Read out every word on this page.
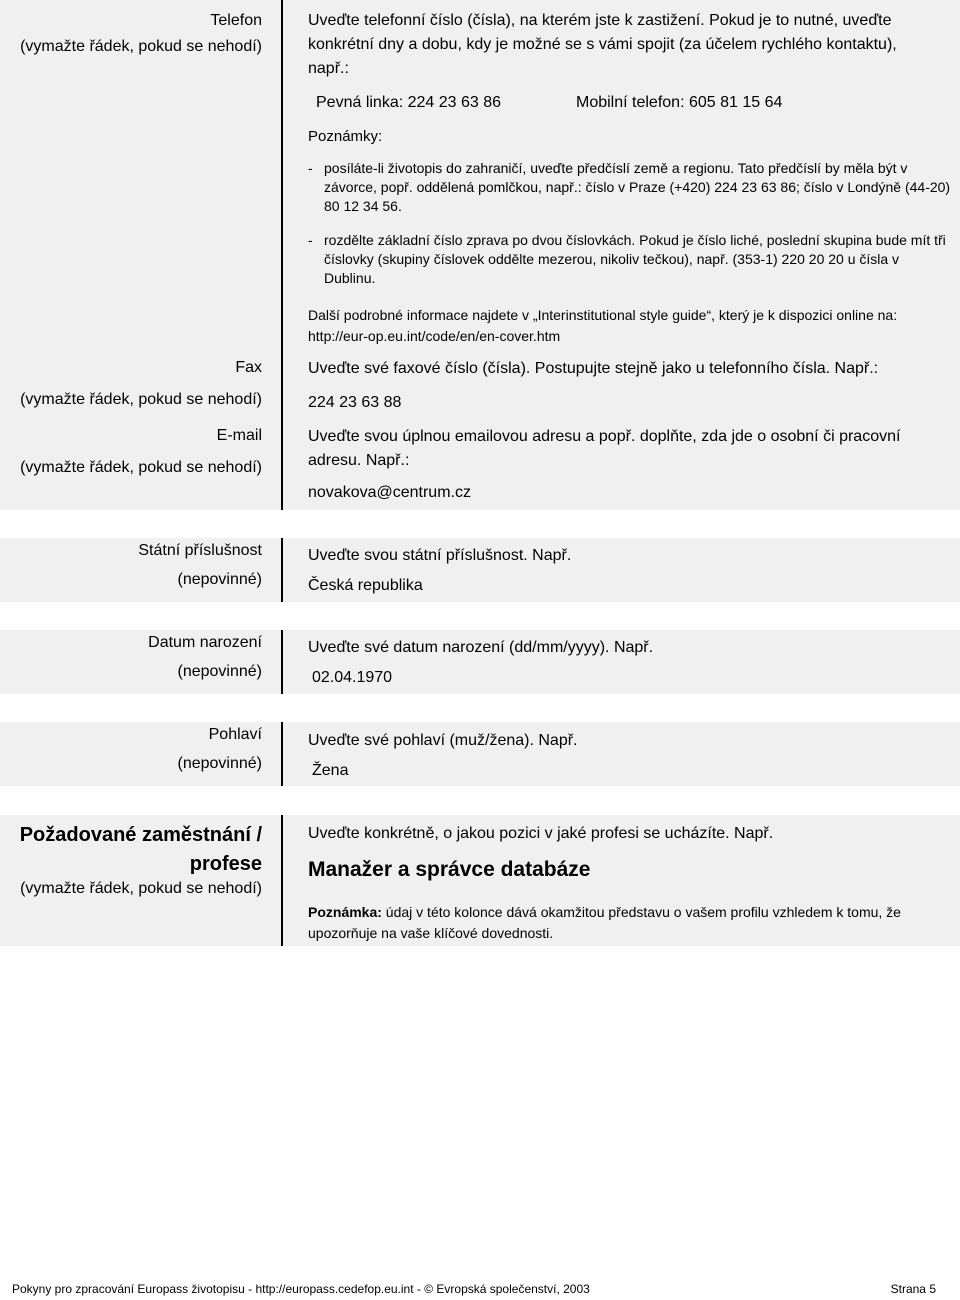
Telefon
(vymažte řádek, pokud se nehodí)
Uveďte telefonní číslo (čísla), na kterém jste k zastižení. Pokud je to nutné, uveďte konkrétní dny a dobu, kdy je možné se s vámi spojit (za účelem rychlého kontaktu), např.:
Pevná linka: 224 23 63 86	Mobilní telefon: 605 81 15 64
Poznámky:
- posíláte-li životopis do zahraničí, uveďte předčíslí země a regionu. Tato předčíslí by měla být v závorce, popř. oddělená pomlčkou, např.: číslo v Praze (+420) 224 23 63 86; číslo v Londýně (44-20) 80 12 34 56.
- rozdělte základní číslo zprava po dvou číslovkách. Pokud je číslo liché, poslední skupina bude mít tři číslovky (skupiny číslovek oddělte mezerou, nikoliv tečkou), např. (353-1) 220 20 20 u čísla v Dublinu.
Další podrobné informace najdete v „Interinstitutional style guide“, který je k dispozici online na: http://eur-op.eu.int/code/en/en-cover.htm
Fax
(vymažte řádek, pokud se nehodí)
Uveďte své faxové číslo (čísla). Postupujte stejně jako u telefonního čísla. Např.:
224 23 63 88
E-mail
(vymažte řádek, pokud se nehodí)
Uveďte svou úplnou emailovou adresu a popř. doplňte, zda jde o osobní či pracovní adresu. Např.:
novakova@centrum.cz
Státní příslušnost
(nepovinné)
Uveďte svou státní příslušnost. Např.
Česká republika
Datum narození
(nepovinné)
Uveďte své datum narození (dd/mm/yyyy). Např.
02.04.1970
Pohlaví
(nepovinné)
Uveďte své pohlaví (muž/žena). Např.
Žena
Požadované zaměstnání /
profese
(vymažte řádek, pokud se nehodí)
Uveďte konkrétně, o jakou pozici v jaké profesi se ucházíte. Např.
Manažer a správce databáze
Poznámka: údaj v této kolonce dává okamžitou představu o vašem profilu vzhledem k tomu, že upozorňuje na vaše klíčové dovednosti.
Pokyny pro zpracování Europass životopisu - http://europass.cedefop.eu.int - © Evropská společenství, 2003	Strana 5
